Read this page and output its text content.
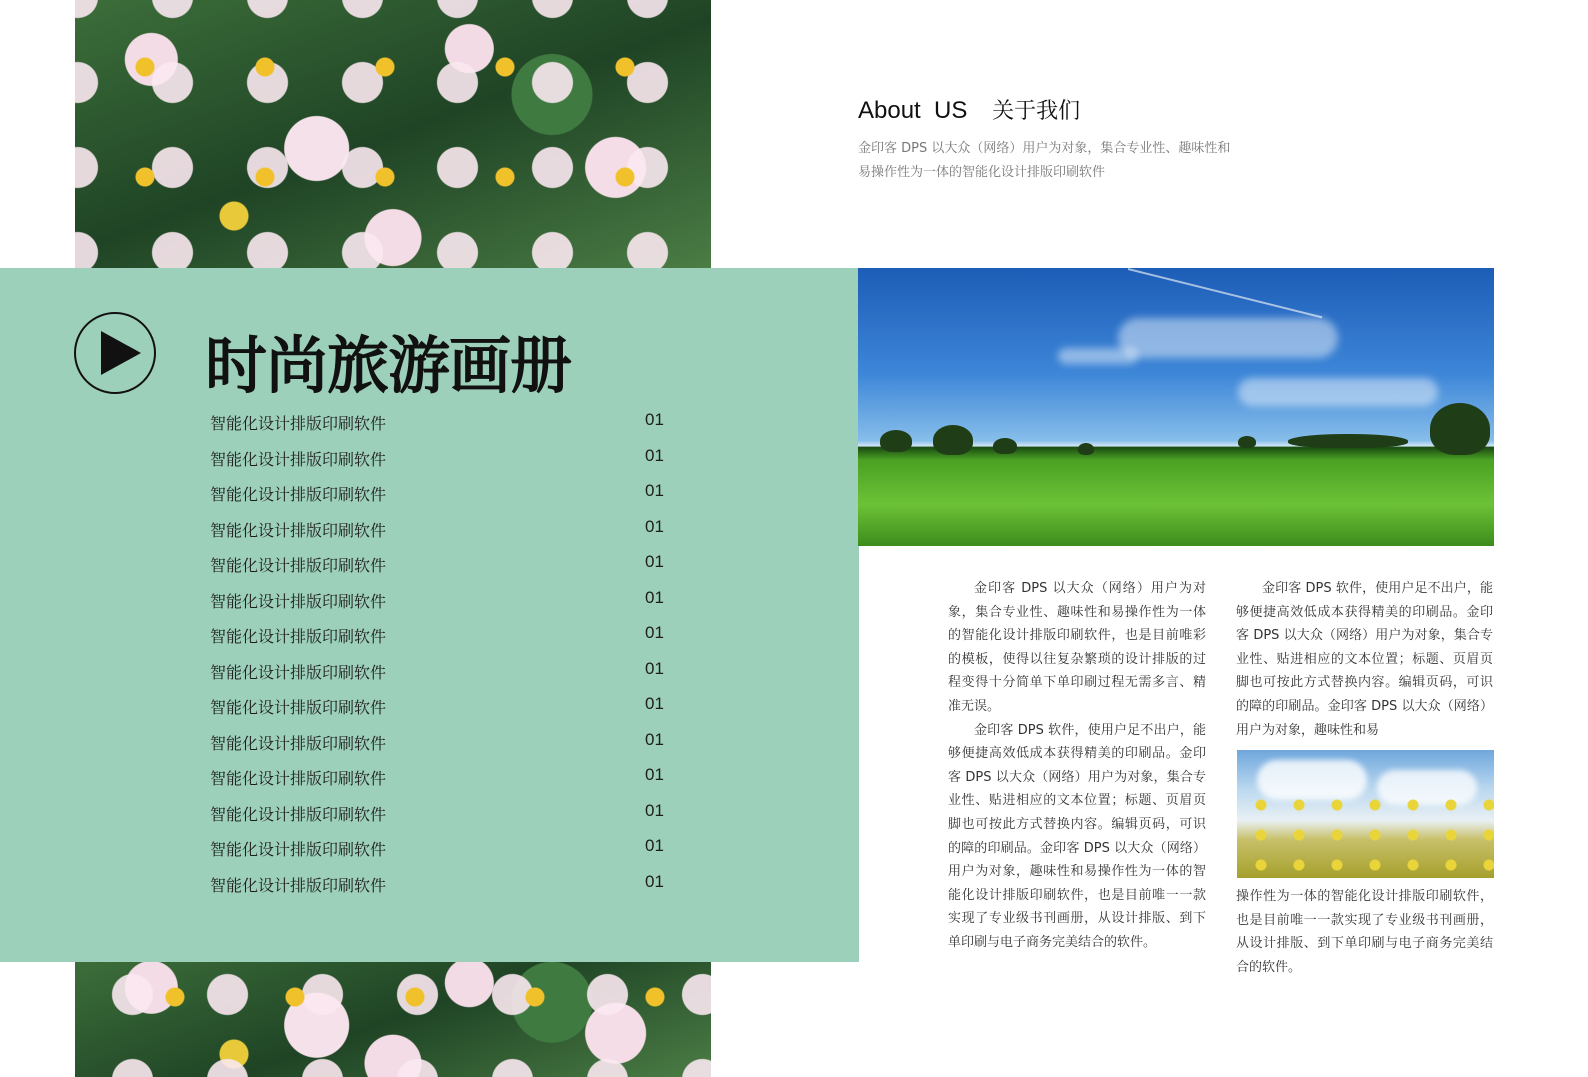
时尚旅游画册
智能化设计排版印刷软件	01
智能化设计排版印刷软件	01
智能化设计排版印刷软件	01
智能化设计排版印刷软件	01
智能化设计排版印刷软件	01
智能化设计排版印刷软件	01
智能化设计排版印刷软件	01
智能化设计排版印刷软件	01
智能化设计排版印刷软件	01
智能化设计排版印刷软件	01
智能化设计排版印刷软件	01
智能化设计排版印刷软件	01
智能化设计排版印刷软件	01
智能化设计排版印刷软件	01
About  US 关于我们
金印客 DPS 以大众（网络）用户为对象，集合专业性、趣味性和易操作性为一体的智能化设计排版印刷软件

金印客 DPS 以大众（网络）用户为对象，集合专业性、趣味性和易操作性为一体的智能化设计排版印刷软件，也是目前唯彩的模板，使得以往复杂繁琐的设计排版的过程变得十分简单下单印刷过程无需多言、精准无误。

金印客 DPS 软件，使用户足不出户，能够便捷高效低成本获得精美的印刷品。金印客 DPS 以大众（网络）用户为对象，集合专业性、贴进相应的文本位置；标题、页眉页脚也可按此方式替换内容。编辑页码，可识的障的印刷品。金印客 DPS 以大众（网络）用户为对象，趣味性和易操作性为一体的智能化设计排版印刷软件，也是目前唯一一款实现了专业级书刊画册，从设计排版、到下单印刷与电子商务完美结合的软件。

金印客 DPS 软件，使用户足不出户，能够便捷高效低成本获得精美的印刷品。金印客 DPS 以大众（网络）用户为对象，集合专业性、贴进相应的文本位置；标题、页眉页脚也可按此方式替换内容。编辑页码，可识的障的印刷品。金印客 DPS 以大众（网络）用户为对象，趣味性和易

操作性为一体的智能化设计排版印刷软件，也是目前唯一一款实现了专业级书刊画册，从设计排版、到下单印刷与电子商务完美结合的软件。
